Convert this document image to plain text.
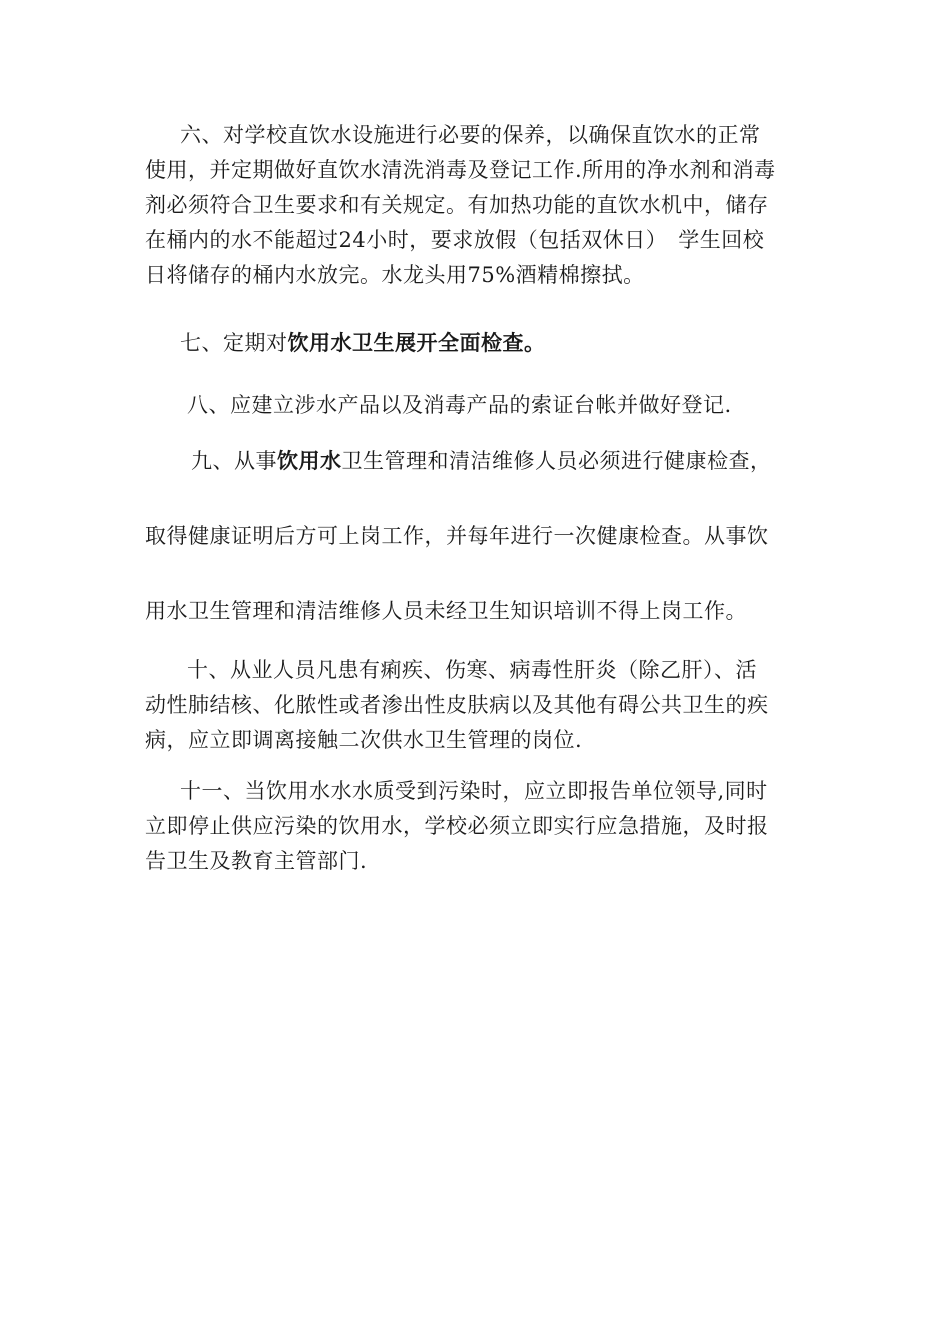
六、对学校直饮水设施进行必要的保养，以确保直饮水的正常
使用，并定期做好直饮水清洗消毒及登记工作.所用的净水剂和消毒
剂必须符合卫生要求和有关规定。有加热功能的直饮水机中，储存
在桶内的水不能超过24小时，要求放假（包括双休日）　学生回校
日将储存的桶内水放完。水龙头用75%酒精棉擦拭。
七、定期对饮用水卫生展开全面检查。
八、应建立涉水产品以及消毒产品的索证台帐并做好登记.
九、从事饮用水卫生管理和清洁维修人员必须进行健康检查，
取得健康证明后方可上岗工作，并每年进行一次健康检查。从事饮
用水卫生管理和清洁维修人员未经卫生知识培训不得上岗工作。
十、从业人员凡患有痢疾、伤寒、病毒性肝炎（除乙肝）、活
动性肺结核、化脓性或者渗出性皮肤病以及其他有碍公共卫生的疾
病，应立即调离接触二次供水卫生管理的岗位.
十一、当饮用水水水质受到污染时，应立即报告单位领导,同时
立即停止供应污染的饮用水，学校必须立即实行应急措施，及时报
告卫生及教育主管部门.
